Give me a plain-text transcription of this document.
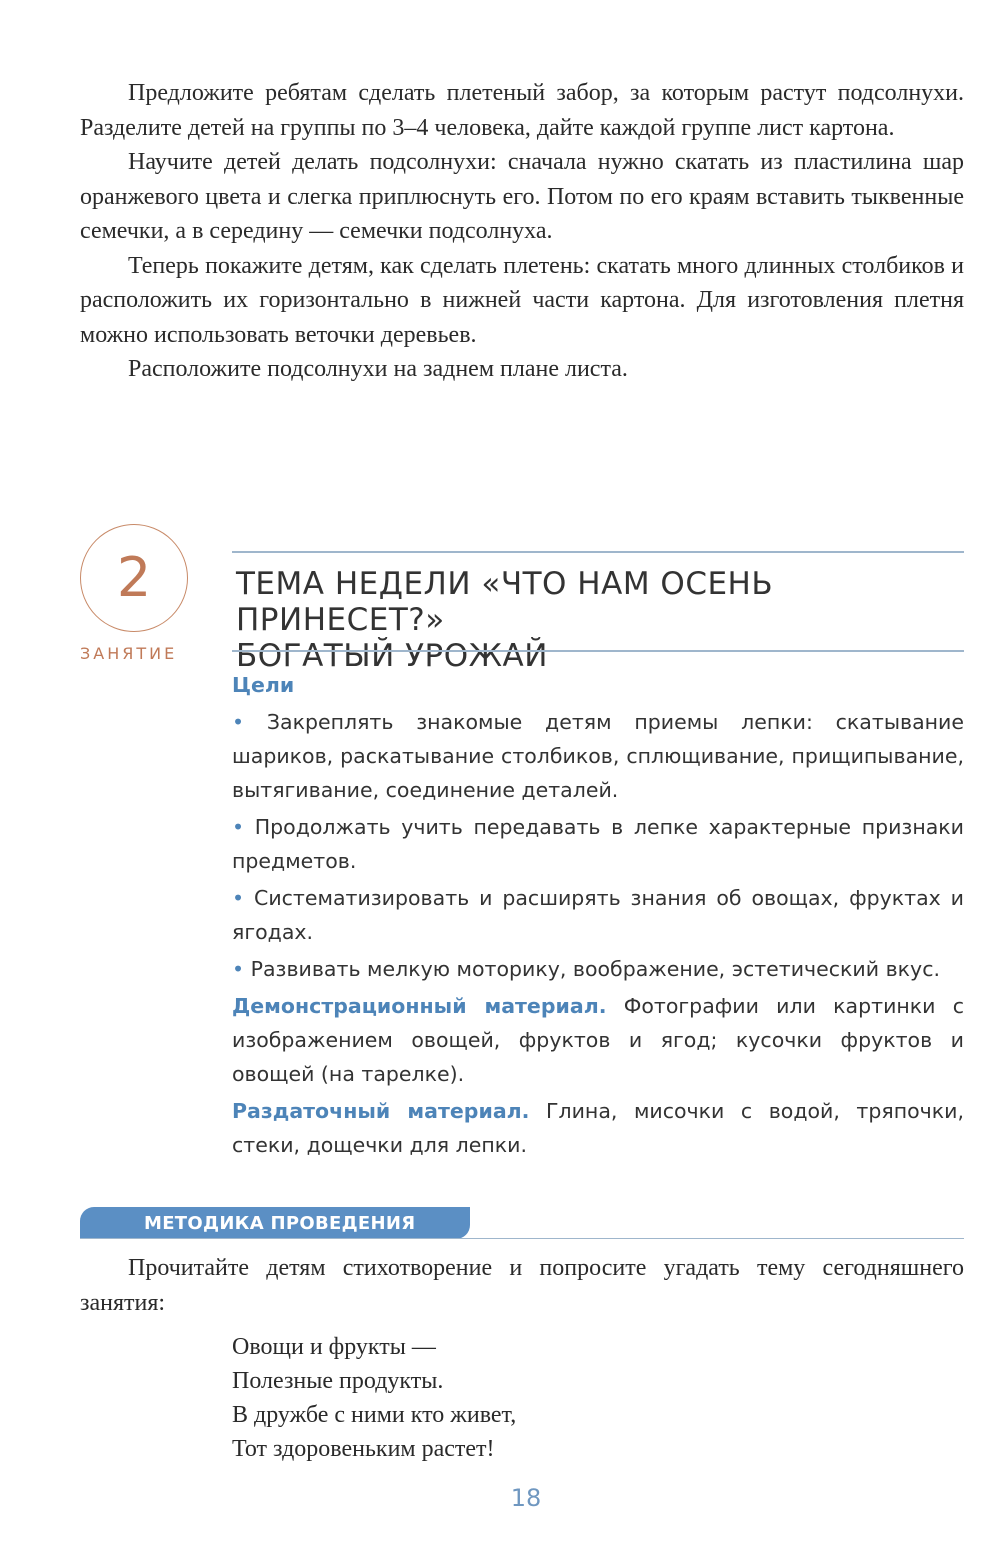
Предложите ребятам сделать плетеный забор, за которым растут подсолнухи. Разделите детей на группы по 3–4 человека, дайте каждой группе лист картона.

Научите детей делать подсолнухи: сначала нужно скатать из пластилина шар оранжевого цвета и слегка приплюснуть его. Потом по его краям вставить тыквенные семечки, а в середину — семечки подсолнуха.

Теперь покажите детям, как сделать плетень: скатать много длинных столбиков и расположить их горизонтально в нижней части картона. Для изготовления плетня можно использовать веточки деревьев.

Расположите подсолнухи на заднем плане листа.

2
ЗАНЯТИЕ
ТЕМА НЕДЕЛИ «ЧТО НАМ ОСЕНЬ ПРИНЕСЕТ?»
БОГАТЫЙ УРОЖАЙ
Цели
• Закреплять знакомые детям приемы лепки: скатывание шариков, раскатывание столбиков, сплющивание, прищипывание, вытягивание, соединение деталей.
• Продолжать учить передавать в лепке характерные признаки предметов.
• Систематизировать и расширять знания об овощах, фруктах и ягодах.
• Развивать мелкую моторику, воображение, эстетический вкус.
Демонстрационный материал. Фотографии или картинки с изображением овощей, фруктов и ягод; кусочки фруктов и овощей (на тарелке).
Раздаточный материал. Глина, мисочки с водой, тряпочки, стеки, дощечки для лепки.
МЕТОДИКА ПРОВЕДЕНИЯ

Прочитайте детям стихотворение и попросите угадать тему сегодняшнего занятия:

Овощи и фрукты —
Полезные продукты.
В дружбе с ними кто живет,
Тот здоровеньким растет!
18
